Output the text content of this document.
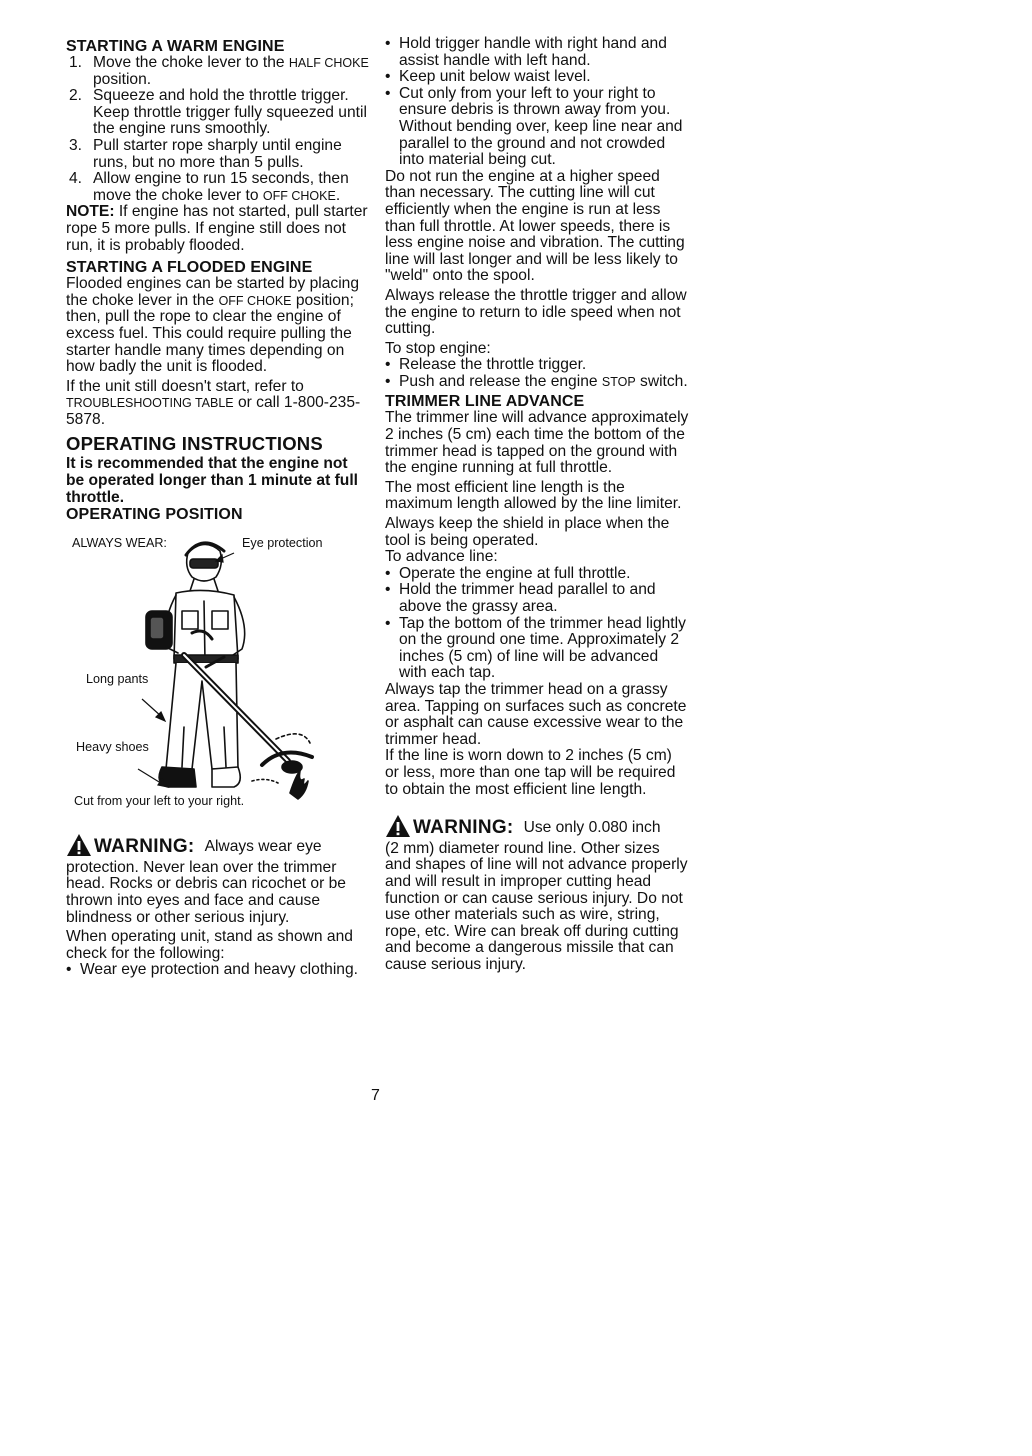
STARTING A WARM ENGINE
1. Move the choke lever to the HALF CHOKE position.
2. Squeeze and hold the throttle trigger. Keep throttle trigger fully squeezed until the engine runs smoothly.
3. Pull starter rope sharply until engine runs, but no more than 5 pulls.
4. Allow engine to run 15 seconds, then move the choke lever to OFF CHOKE.

NOTE: If engine has not started, pull starter rope 5 more pulls. If engine still does not run, it is probably flooded.

STARTING A FLOODED ENGINE

Flooded engines can be started by placing the choke lever in the OFF CHOKE position; then, pull the rope to clear the engine of excess fuel. This could require pulling the starter handle many times depending on how badly the unit is flooded.

If the unit still doesn't start, refer to TROUBLESHOOTING TABLE or call 1-800-235-5878.

OPERATING INSTRUCTIONS

It is recommended that the engine not be operated longer than 1 minute at full throttle.

OPERATING POSITION
ALWAYS WEAR:	Eye protection
Long pants
Heavy shoes
Cut from your left to your right.
WARNING: Always wear eye

protection. Never lean over the trimmer head. Rocks or debris can ricochet or be thrown into eyes and face and cause blindness or other serious injury.

When operating unit, stand as shown and check for the following:

• Wear eye protection and heavy clothing.
• Hold trigger handle with right hand and assist handle with left hand.
• Keep unit below waist level.
• Cut only from your left to your right to ensure debris is thrown away from you. Without bending over, keep line near and parallel to the ground and not crowded into material being cut.

Do not run the engine at a higher speed than necessary. The cutting line will cut efficiently when the engine is run at less than full throttle. At lower speeds, there is less engine noise and vibration. The cutting line will last longer and will be less likely to "weld" onto the spool.

Always release the throttle trigger and allow the engine to return to idle speed when not cutting.

To stop engine:

• Release the throttle trigger.
• Push and release the engine STOP switch.
TRIMMER LINE ADVANCE

The trimmer line will advance approximately 2 inches (5 cm) each time the bottom of the trimmer head is tapped on the ground with the engine running at full throttle.

The most efficient line length is the maximum length allowed by the line limiter.

Always keep the shield in place when the tool is being operated.

To advance line:

• Operate the engine at full throttle.
• Hold the trimmer head parallel to and above the grassy area.
• Tap the bottom of the trimmer head lightly on the ground one time. Approximately 2 inches (5 cm) of line will be advanced with each tap.

Always tap the trimmer head on a grassy area. Tapping on surfaces such as concrete or asphalt can cause excessive wear to the trimmer head.

If the line is worn down to 2 inches (5 cm) or less, more than one tap will be required to obtain the most efficient line length.

WARNING: Use only 0.080 inch

(2 mm) diameter round line. Other sizes and shapes of line will not advance properly and will result in improper cutting head function or can cause serious injury. Do not use other materials such as wire, string, rope, etc. Wire can break off during cutting and become a dangerous missile that can cause serious injury.

7
